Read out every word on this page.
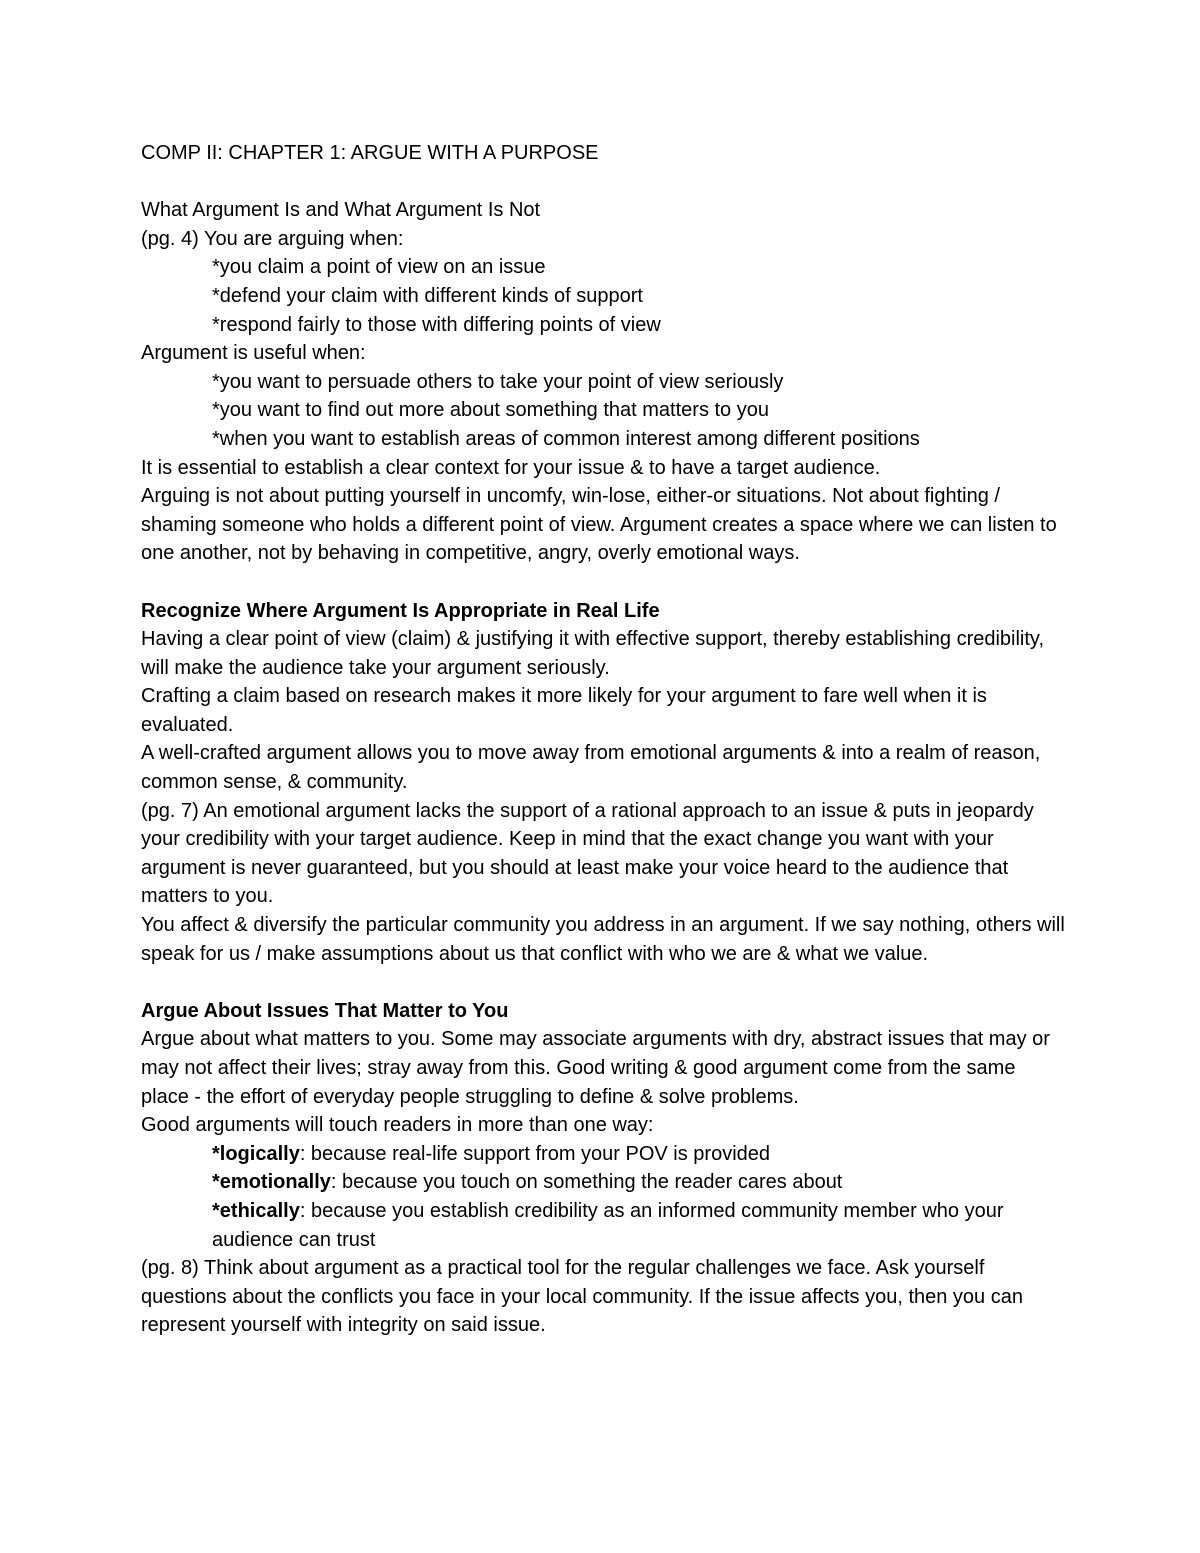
COMP II: CHAPTER 1: ARGUE WITH A PURPOSE
What Argument Is and What Argument Is Not
(pg. 4) You are arguing when:
*you claim a point of view on an issue
*defend your claim with different kinds of support
*respond fairly to those with differing points of view
Argument is useful when:
*you want to persuade others to take your point of view seriously
*you want to find out more about something that matters to you
*when you want to establish areas of common interest among different positions
It is essential to establish a clear context for your issue & to have a target audience.
Arguing is not about putting yourself in uncomfy, win-lose, either-or situations. Not about fighting / shaming someone who holds a different point of view. Argument creates a space where we can listen to one another, not by behaving in competitive, angry, overly emotional ways.
Recognize Where Argument Is Appropriate in Real Life
Having a clear point of view (claim) & justifying it with effective support, thereby establishing credibility, will make the audience take your argument seriously.
Crafting a claim based on research makes it more likely for your argument to fare well when it is evaluated.
A well-crafted argument allows you to move away from emotional arguments & into a realm of reason, common sense, & community.
(pg. 7) An emotional argument lacks the support of a rational approach to an issue & puts in jeopardy your credibility with your target audience. Keep in mind that the exact change you want with your argument is never guaranteed, but you should at least make your voice heard to the audience that matters to you.
You affect & diversify the particular community you address in an argument. If we say nothing, others will speak for us / make assumptions about us that conflict with who we are & what we value.
Argue About Issues That Matter to You
Argue about what matters to you. Some may associate arguments with dry, abstract issues that may or may not affect their lives; stray away from this. Good writing & good argument come from the same place - the effort of everyday people struggling to define & solve problems.
Good arguments will touch readers in more than one way:
*logically: because real-life support from your POV is provided
*emotionally: because you touch on something the reader cares about
*ethically: because you establish credibility as an informed community member who your audience can trust
(pg. 8) Think about argument as a practical tool for the regular challenges we face. Ask yourself questions about the conflicts you face in your local community. If the issue affects you, then you can represent yourself with integrity on said issue.
